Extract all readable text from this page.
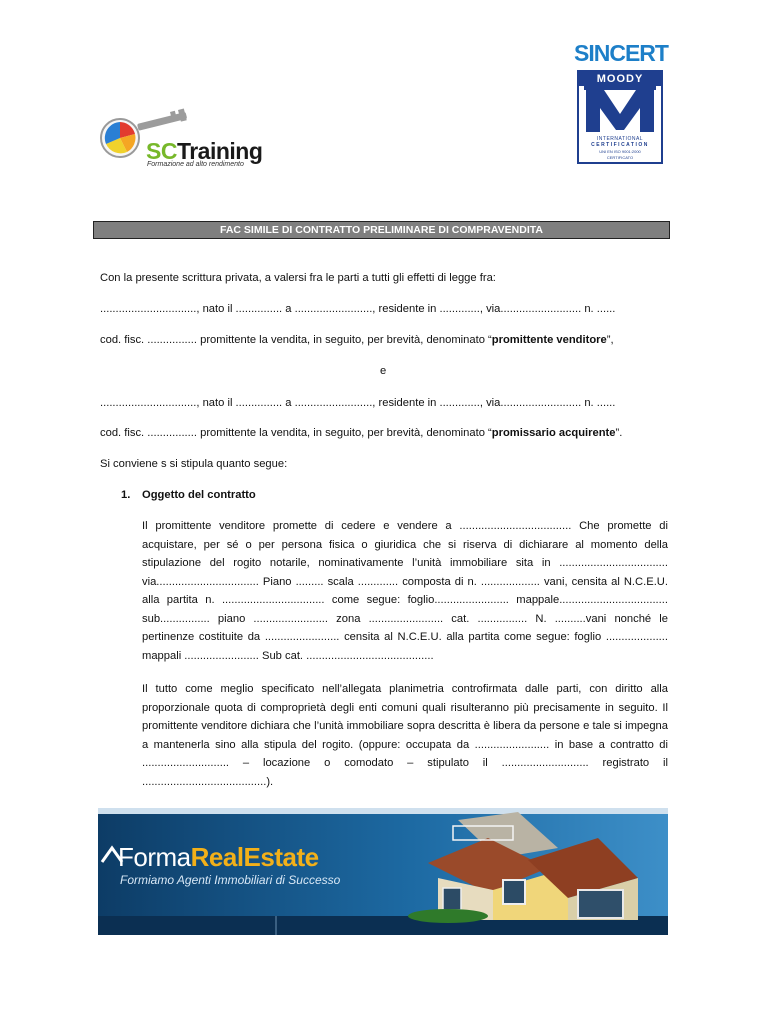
SCTraining
Formazione ad alto rendimento
SINCERT
MOODY
INTERNATIONAL
CERTIFICATION
UNI EN ISO 9001:2000
CERTIFICATO
FAC SIMILE DI CONTRATTO PRELIMINARE DI COMPRAVENDITA
Con la presente scrittura privata, a valersi fra le parti a tutti gli effetti di legge fra:
..............................., nato il ............... a ........................., residente in ............., via.......................... n. ......
cod. fisc. ................ promittente la vendita, in seguito, per brevità, denominato “promittente venditore”,
e
..............................., nato il ............... a ........................., residente in ............., via.......................... n. ......
cod. fisc. ................ promittente la vendita, in seguito, per brevità, denominato “promissario acquirente”.
Si conviene s si stipula quanto segue:
1. Oggetto del contratto
Il promittente venditore promette di cedere e vendere a .................................... Che promette di acquistare, per sé o per persona fisica o giuridica che si riserva di dichiarare al momento della stipulazione del rogito notarile, nominativamente l’unità immobiliare sita in ................................... via................................. Piano ......... scala ............. composta di n. ................... vani, censita al N.C.E.U. alla partita n. ................................. come segue: foglio........................ mappale................................... sub................ piano ........................ zona ........................ cat. ................ N. ..........vani nonché le pertinenze costituite da ........................ censita al N.C.E.U. alla partita come segue: foglio .................... mappali ........................ Sub cat. .........................................
Il tutto come meglio specificato nell’allegata planimetria controfirmata dalle parti, con diritto alla proporzionale quota di comproprietà degli enti comuni quali risulteranno più precisamente in seguito. Il promittente venditore dichiara che l’unità immobiliare sopra descritta è libera da persone e tale si impegna a mantenerla sino alla stipula del rogito. (oppure: occupata da ........................ in base a contratto di ............................ – locazione o comodato – stipulato il ............................ registrato il ........................................).
FormaRealEstate
Formiamo Agenti Immobiliari di Successo
